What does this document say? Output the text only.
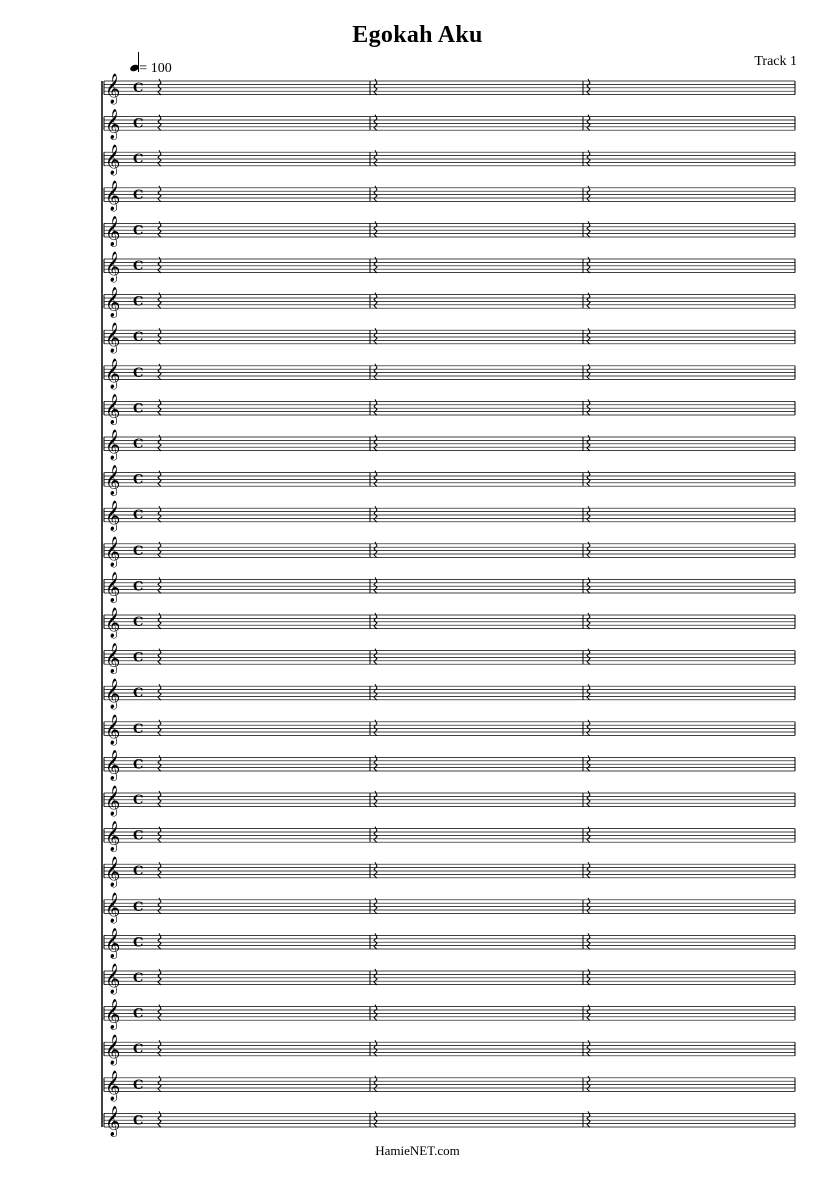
Egokah Aku
= 100	Track 1
𝄞 C
𝄞 C
𝄞 C
𝄞 C
𝄞 C
𝄞 C
𝄞 C
𝄞 C
𝄞 C
𝄞 C
𝄞 C
𝄞 C
𝄞 C
𝄞 C
𝄞 C
𝄞 C
𝄞 C
𝄞 C
𝄞 C
𝄞 C
𝄞 C
𝄞 C
𝄞 C
𝄞 C
𝄞 C
𝄞 C
𝄞 C
𝄞 C
𝄞 C
𝄞 C
HamieNET.com
